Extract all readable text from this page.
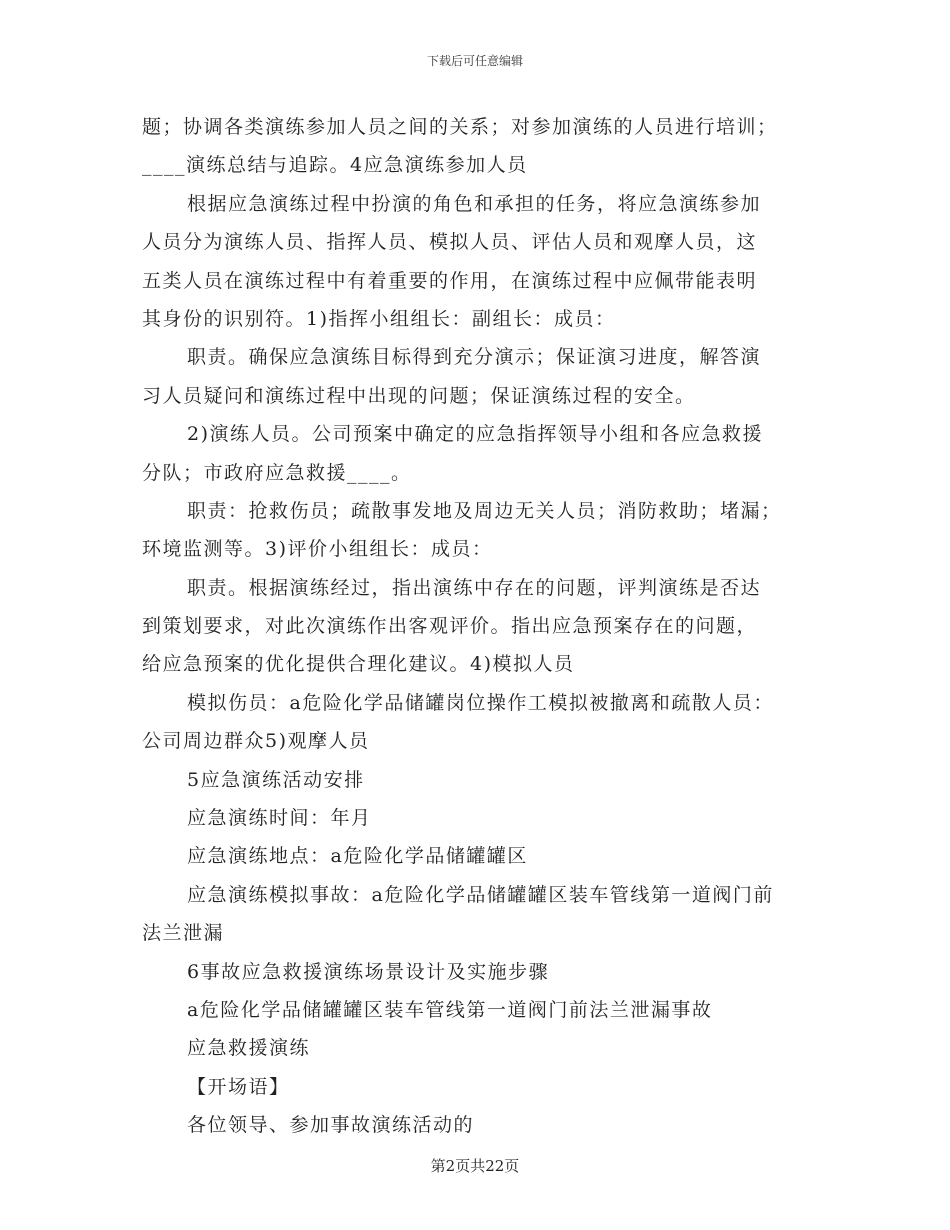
下载后可任意编辑
题；协调各类演练参加人员之间的关系；对参加演练的人员进行培训；
____演练总结与追踪。4应急演练参加人员
根据应急演练过程中扮演的角色和承担的任务，将应急演练参加
人员分为演练人员、指挥人员、模拟人员、评估人员和观摩人员，这
五类人员在演练过程中有着重要的作用，在演练过程中应佩带能表明
其身份的识别符。1)指挥小组组长：副组长：成员：
职责。确保应急演练目标得到充分演示；保证演习进度，解答演
习人员疑问和演练过程中出现的问题；保证演练过程的安全。
2)演练人员。公司预案中确定的应急指挥领导小组和各应急救援
分队；市政府应急救援____。
职责：抢救伤员；疏散事发地及周边无关人员；消防救助；堵漏；
环境监测等。3)评价小组组长：成员：
职责。根据演练经过，指出演练中存在的问题，评判演练是否达
到策划要求，对此次演练作出客观评价。指出应急预案存在的问题，
给应急预案的优化提供合理化建议。4)模拟人员
模拟伤员：a危险化学品储罐岗位操作工模拟被撤离和疏散人员：
公司周边群众5)观摩人员
5应急演练活动安排
应急演练时间：年月
应急演练地点：a危险化学品储罐罐区
应急演练模拟事故：a危险化学品储罐罐区装车管线第一道阀门前
法兰泄漏
6事故应急救援演练场景设计及实施步骤
a危险化学品储罐罐区装车管线第一道阀门前法兰泄漏事故
应急救援演练
【开场语】
各位领导、参加事故演练活动的
第2页共22页
